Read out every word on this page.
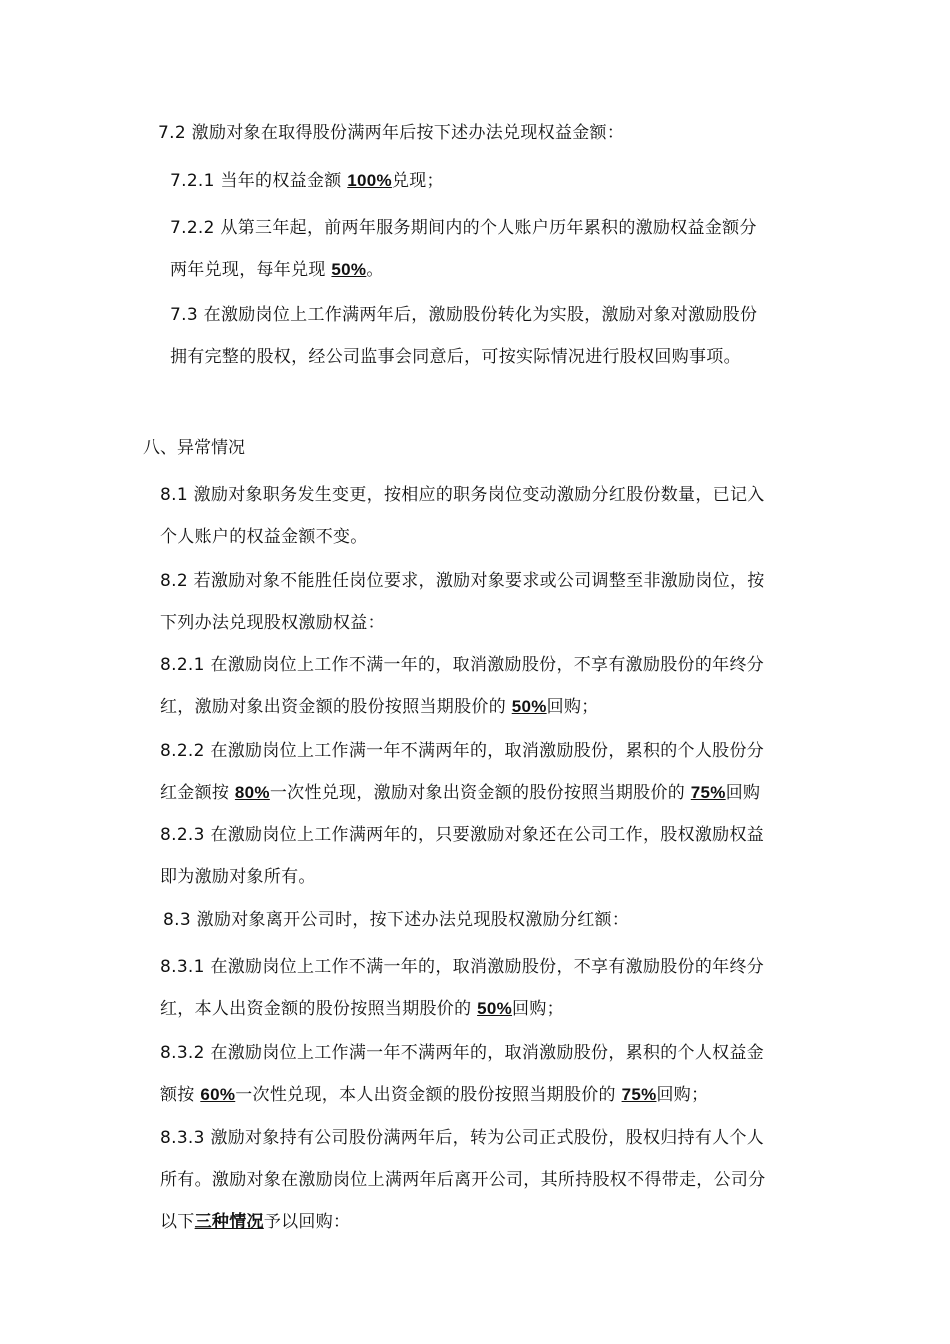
7.2 激励对象在取得股份满两年后按下述办法兑现权益金额：
7.2.1 当年的权益金额 100%兑现；
7.2.2 从第三年起，前两年服务期间内的个人账户历年累积的激励权益金额分
两年兑现，每年兑现 50%。
7.3 在激励岗位上工作满两年后，激励股份转化为实股，激励对象对激励股份
拥有完整的股权，经公司监事会同意后，可按实际情况进行股权回购事项。
八、异常情况
8.1 激励对象职务发生变更，按相应的职务岗位变动激励分红股份数量，已记入
个人账户的权益金额不变。
8.2 若激励对象不能胜任岗位要求，激励对象要求或公司调整至非激励岗位，按
下列办法兑现股权激励权益：
8.2.1 在激励岗位上工作不满一年的，取消激励股份，不享有激励股份的年终分
红，激励对象出资金额的股份按照当期股价的 50%回购；
8.2.2 在激励岗位上工作满一年不满两年的，取消激励股份，累积的个人股份分
红金额按 80%一次性兑现，激励对象出资金额的股份按照当期股价的 75%回购
8.2.3 在激励岗位上工作满两年的，只要激励对象还在公司工作，股权激励权益
即为激励对象所有。
8.3 激励对象离开公司时，按下述办法兑现股权激励分红额：
8.3.1 在激励岗位上工作不满一年的，取消激励股份，不享有激励股份的年终分
红，本人出资金额的股份按照当期股价的 50%回购；
8.3.2 在激励岗位上工作满一年不满两年的，取消激励股份，累积的个人权益金
额按 60%一次性兑现，本人出资金额的股份按照当期股价的 75%回购；
8.3.3 激励对象持有公司股份满两年后，转为公司正式股份，股权归持有人个人
所有。激励对象在激励岗位上满两年后离开公司，其所持股权不得带走，公司分
以下三种情况予以回购：
